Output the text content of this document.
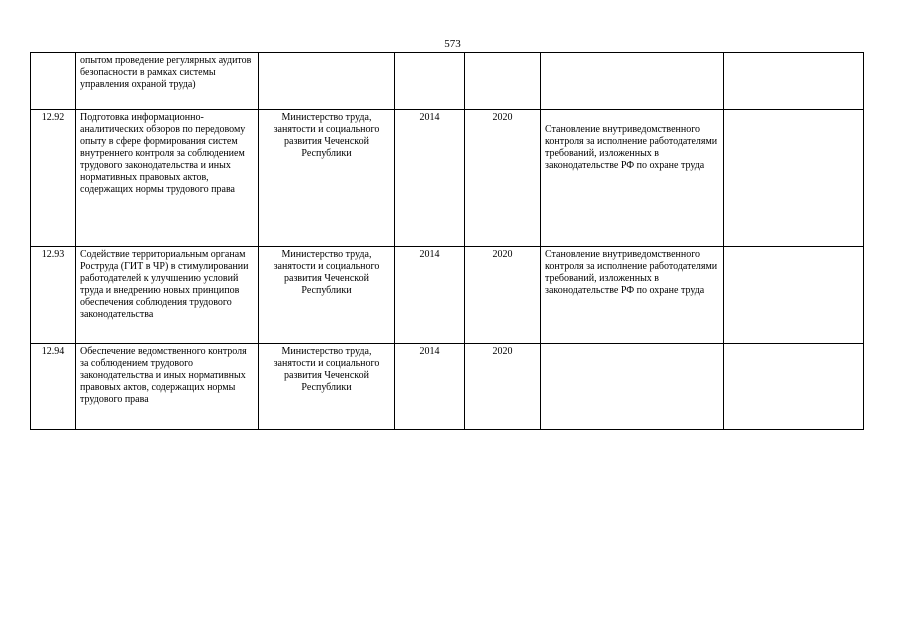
573
	опытом проведение регулярных аудитов безопасности в рамках системы управления охраной труда)					
12.92	Подготовка информационно-аналитических обзоров по передовому опыту в сфере формирования систем внутреннего контроля за соблюдением трудового законодательства и иных нормативных правовых актов, содержащих нормы трудового права	Министерство труда, занятости и социального развития Чеченской Республики	2014	2020	Становление внутриведомственного контроля за исполнение работодателями требований, изложенных в законодательстве РФ по охране труда	

12.93	Содействие территориальным органам Роструда (ГИТ в ЧР) в стимулировании работодателей к улучшению условий труда и внедрению новых принципов обеспечения соблюдения трудового законодательства	Министерство труда, занятости и социального развития Чеченской Республики	2014	2020	Становление внутриведомственного контроля за исполнение работодателями требований, изложенных в законодательстве РФ по охране труда	

12.94	Обеспечение ведомственного контроля за соблюдением трудового законодательства и иных нормативных правовых актов, содержащих нормы трудового права	Министерство труда, занятости и социального развития Чеченской Республики	2014	2020		
